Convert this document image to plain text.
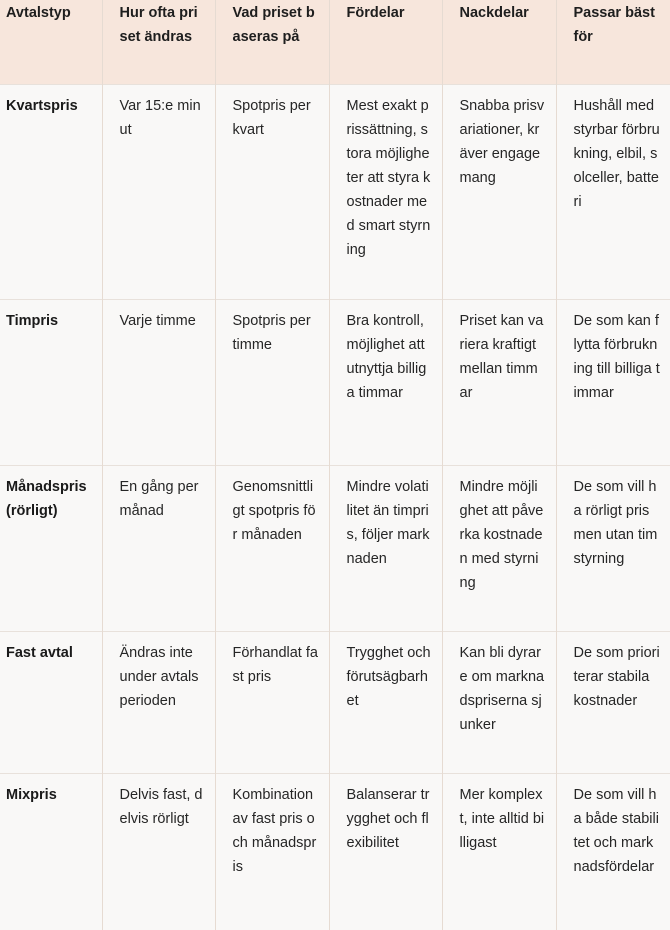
Avtalstyp	Hur ofta priset ändras	Vad priset baseras på	Fördelar	Nackdelar	Passar bäst för
Kvartspris	Var 15:e minut	Spotpris per kvart	Mest exakt prissättning, stora möjligheter att styra kostnader med smart styrning	Snabba prisvariationer, kräver engagemang	Hushåll med styrbar förbrukning, elbil, solceller, batteri
Timpris	Varje timme	Spotpris per timme	Bra kontroll, möjlighet att utnyttja billiga timmar	Priset kan variera kraftigt mellan timmar	De som kan flytta förbrukning till billiga timmar
Månadspris (rörligt)	En gång per månad	Genomsnittligt spotpris för månaden	Mindre volatilitet än timpris, följer marknaden	Mindre möjlighet att påverka kostnaden med styrning	De som vill ha rörligt pris men utan timstyrning
Fast avtal	Ändras inte under avtalsperioden	Förhandlat fast pris	Trygghet och förutsägbarhet	Kan bli dyrare om marknadspriserna sjunker	De som prioriterar stabila kostnader
Mixpris	Delvis fast, delvis rörligt	Kombination av fast pris och månadspris	Balanserar trygghet och flexibilitet	Mer komplext, inte alltid billigast	De som vill ha både stabilitet och marknadsfördelar
